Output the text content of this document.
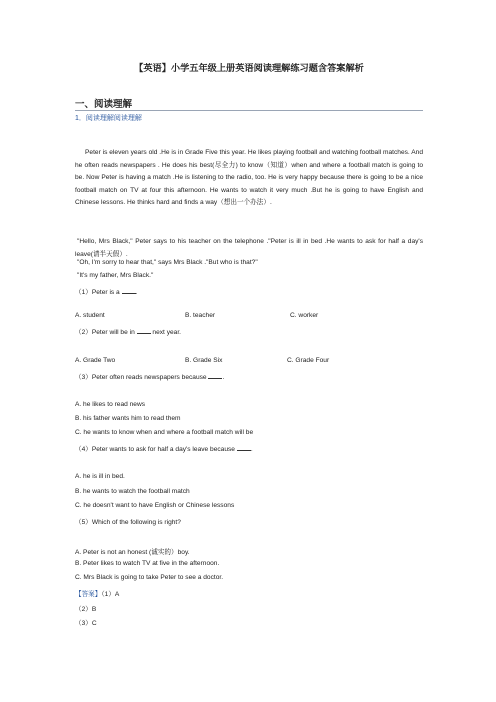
【英语】小学五年级上册英语阅读理解练习题含答案解析
一、阅读理解
1．阅读理解阅读理解
Peter is eleven years old .He is in Grade Five this year. He likes playing football and watching football matches. And he often reads newspapers . He does his best(尽全力) to know（知道）when and where a football match is going to be. Now Peter is having a match .He is listening to the radio, too. He is very happy because there is going to be a nice football match on TV at four this afternoon. He wants to watch it very much .But he is going to have English and Chinese lessons. He thinks hard and finds a way（想出一个办法）.
"Hello, Mrs Black," Peter says to his teacher on the telephone ."Peter is ill in bed .He wants to ask for half a day's leave(请半天假）.
"Oh, I'm sorry to hear that," says Mrs Black ."But who is that?"
"It's my father, Mrs Black."
（1）Peter is a .
A. student	B. teacher	C. worker
（2）Peter will be in	next year.
A. Grade Two	B. Grade Six	C. Grade Four
（3）Peter often reads newspapers because .
A. he likes to read news
B. his father wants him to read them
C. he wants to know when and where a football match will be
（4）Peter wants to ask for half a day's leave because .
A. he is ill in bed.
B. he wants to watch the football match
C. he doesn't want to have English or Chinese lessons
（5）Which of the following is right?
A. Peter is not an honest (诚实的）boy.
B. Peter likes to watch TV at five in the afternoon.
C. Mrs Black is going to take Peter to see a doctor.
【答案】（1）A
（2）B
（3）C
